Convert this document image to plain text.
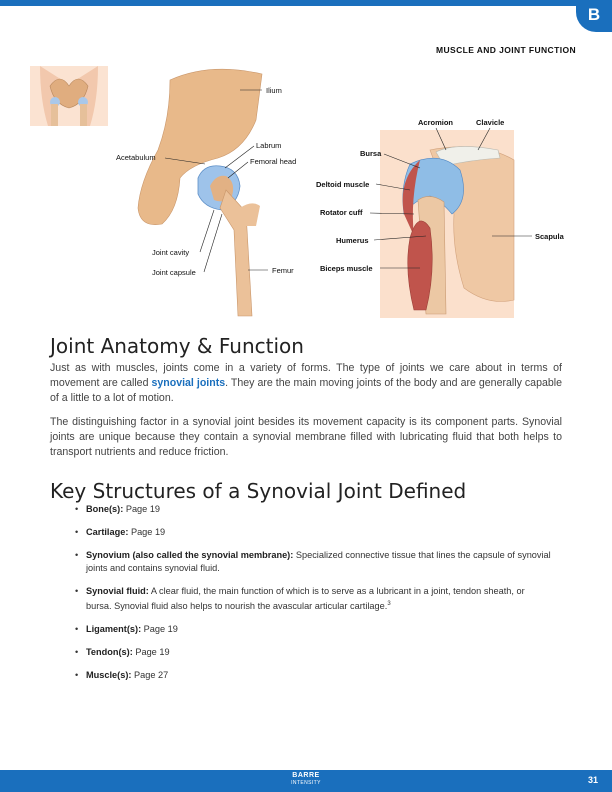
B
MUSCLE AND JOINT FUNCTION
Ilium
Acetabulum
Labrum
Femoral head
Joint cavity
Joint capsule	Femur
Acromion	Clavicle
Bursa
Deltoid muscle
Rotator cuff
Humerus	Scapula
Biceps muscle
Joint Anatomy & Function

Just as with muscles, joints come in a variety of forms. The type of joints we care about in terms of movement are called synovial joints. They are the main moving joints of the body and are generally capable of a little to a lot of motion.

The distinguishing factor in a synovial joint besides its movement capacity is its component parts. Synovial joints are unique because they contain a synovial membrane filled with lubricating fluid that both helps to transport nutrients and reduce friction.

Key Structures of a Synovial Joint Defined
• Bone(s): Page 19
• Cartilage: Page 19
• Synovium (also called the synovial membrane): Specialized connective tissue that lines the capsule of synovial joints and contains synovial fluid.
• Synovial fluid: A clear fluid, the main function of which is to serve as a lubricant in a joint, tendon sheath, or bursa. Synovial fluid also helps to nourish the avascular articular cartilage.$^3$
• Ligament(s): Page 19
• Tendon(s): Page 19
• Muscle(s): Page 27
BARRE
INTENSITY	31
